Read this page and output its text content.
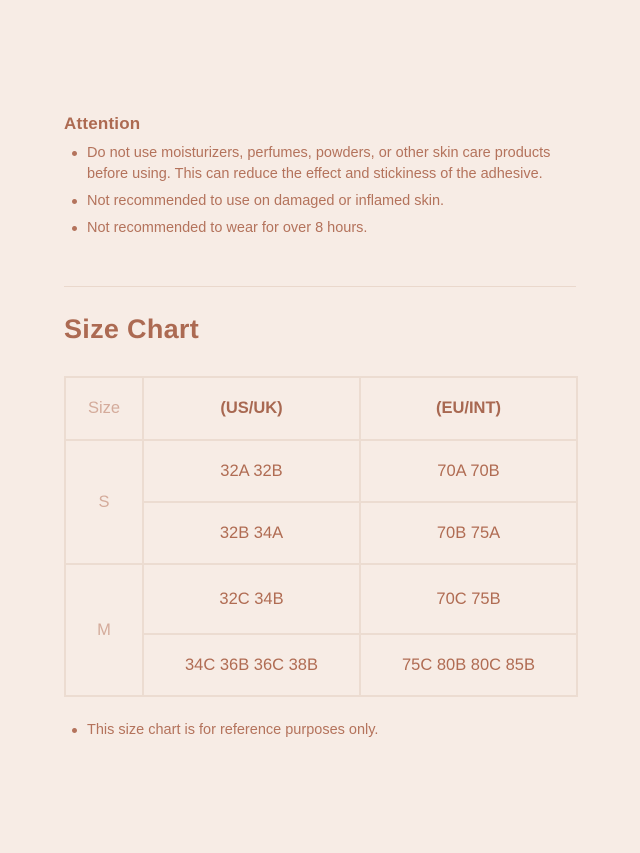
Attention
Do not use moisturizers, perfumes, powders, or other skin care products before using. This can reduce the effect and stickiness of the adhesive.
Not recommended to use on damaged or inflamed skin.
Not recommended to wear for over 8 hours.
Size Chart
Size	(US/UK)	(EU/INT)
S	32A 32B	70A 70B
	32B 34A	70B 75A
M	32C 34B	70C 75B
	34C 36B 36C 38B	75C 80B 80C 85B
This size chart is for reference purposes only.
